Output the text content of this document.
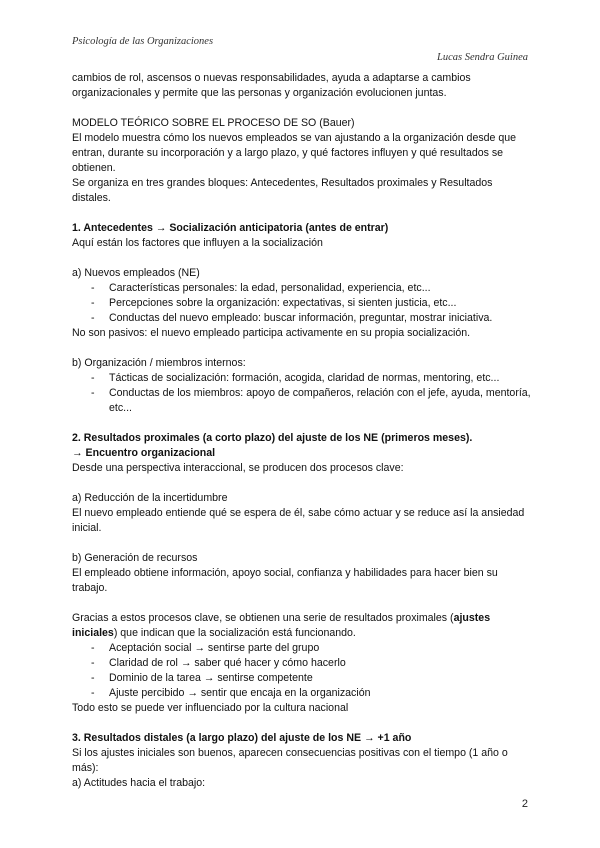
Psicología de las Organizaciones
Lucas Sendra Guinea

cambios de rol, ascensos o nuevas responsabilidades, ayuda a adaptarse a cambios organizacionales y permite que las personas y organización evolucionen juntas.

MODELO TEÓRICO SOBRE EL PROCESO DE SO (Bauer)

El modelo muestra cómo los nuevos empleados se van ajustando a la organización desde que entran, durante su incorporación y a largo plazo, y qué factores influyen y qué resultados se obtienen.

Se organiza en tres grandes bloques: Antecedentes, Resultados proximales y Resultados distales.

1. Antecedentes → Socialización anticipatoria (antes de entrar)

Aquí están los factores que influyen a la socialización

a) Nuevos empleados (NE)

- Características personales: la edad, personalidad, experiencia, etc...
- Percepciones sobre la organización: expectativas, si sienten justicia, etc...
- Conductas del nuevo empleado: buscar información, preguntar, mostrar iniciativa.

No son pasivos: el nuevo empleado participa activamente en su propia socialización.

b) Organización / miembros internos:

- Tácticas de socialización: formación, acogida, claridad de normas, mentoring, etc...
- Conductas de los miembros: apoyo de compañeros, relación con el jefe, ayuda, mentoría, etc...

2. Resultados proximales (a corto plazo) del ajuste de los NE (primeros meses).

→ Encuentro organizacional

Desde una perspectiva interaccional, se producen dos procesos clave:

a) Reducción de la incertidumbre

El nuevo empleado entiende qué se espera de él, sabe cómo actuar y se reduce así la ansiedad inicial.

b) Generación de recursos

El empleado obtiene información, apoyo social, confianza y habilidades para hacer bien su trabajo.

Gracias a estos procesos clave, se obtienen una serie de resultados proximales (ajustes iniciales) que indican que la socialización está funcionando.

- Aceptación social → sentirse parte del grupo
- Claridad de rol → saber qué hacer y cómo hacerlo
- Dominio de la tarea → sentirse competente
- Ajuste percibido → sentir que encaja en la organización

Todo esto se puede ver influenciado por la cultura nacional

3. Resultados distales (a largo plazo) del ajuste de los NE → +1 año

Si los ajustes iniciales son buenos, aparecen consecuencias positivas con el tiempo (1 año o más):

a) Actitudes hacia el trabajo:

2
